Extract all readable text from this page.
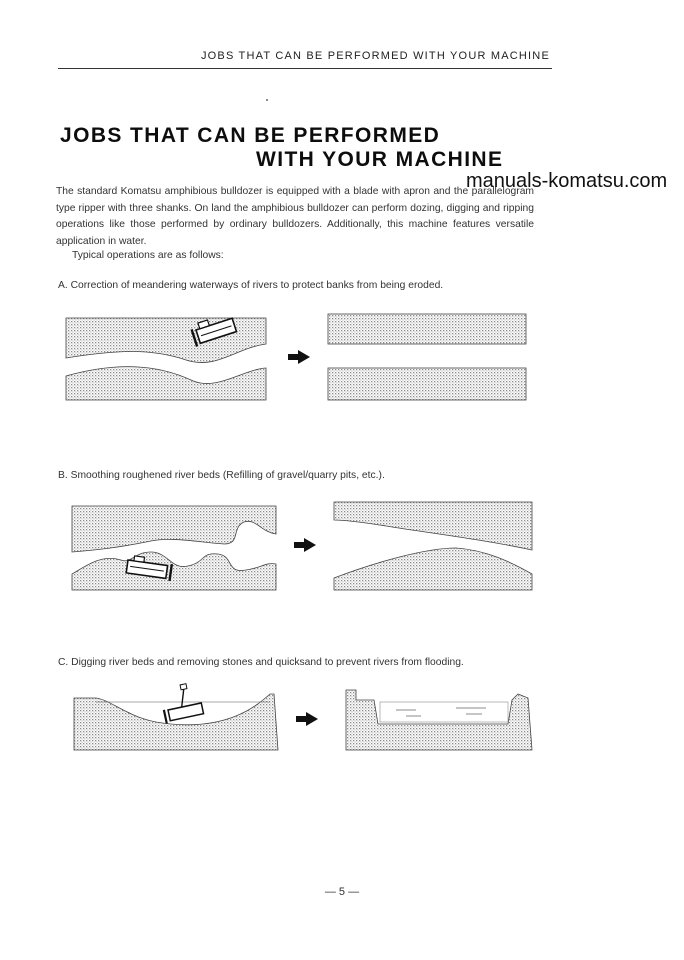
JOBS THAT CAN BE PERFORMED WITH YOUR MACHINE
JOBS THAT CAN BE PERFORMED
WITH YOUR MACHINE

The standard Komatsu amphibious bulldozer is equipped with a blade with apron and the parallelogram type ripper with three shanks. On land the amphibious bulldozer can perform dozing, digging and ripping operations like those performed by ordinary bulldozers. Additionally, this machine features versatile application in water.

manuals-komatsu.com

Typical operations are as follows:

A. Correction of meandering waterways of rivers to protect banks from being eroded.

B. Smoothing roughened river beds (Refilling of gravel/quarry pits, etc.).

C. Digging river beds and removing stones and quicksand to prevent rivers from flooding.

— 5 —
